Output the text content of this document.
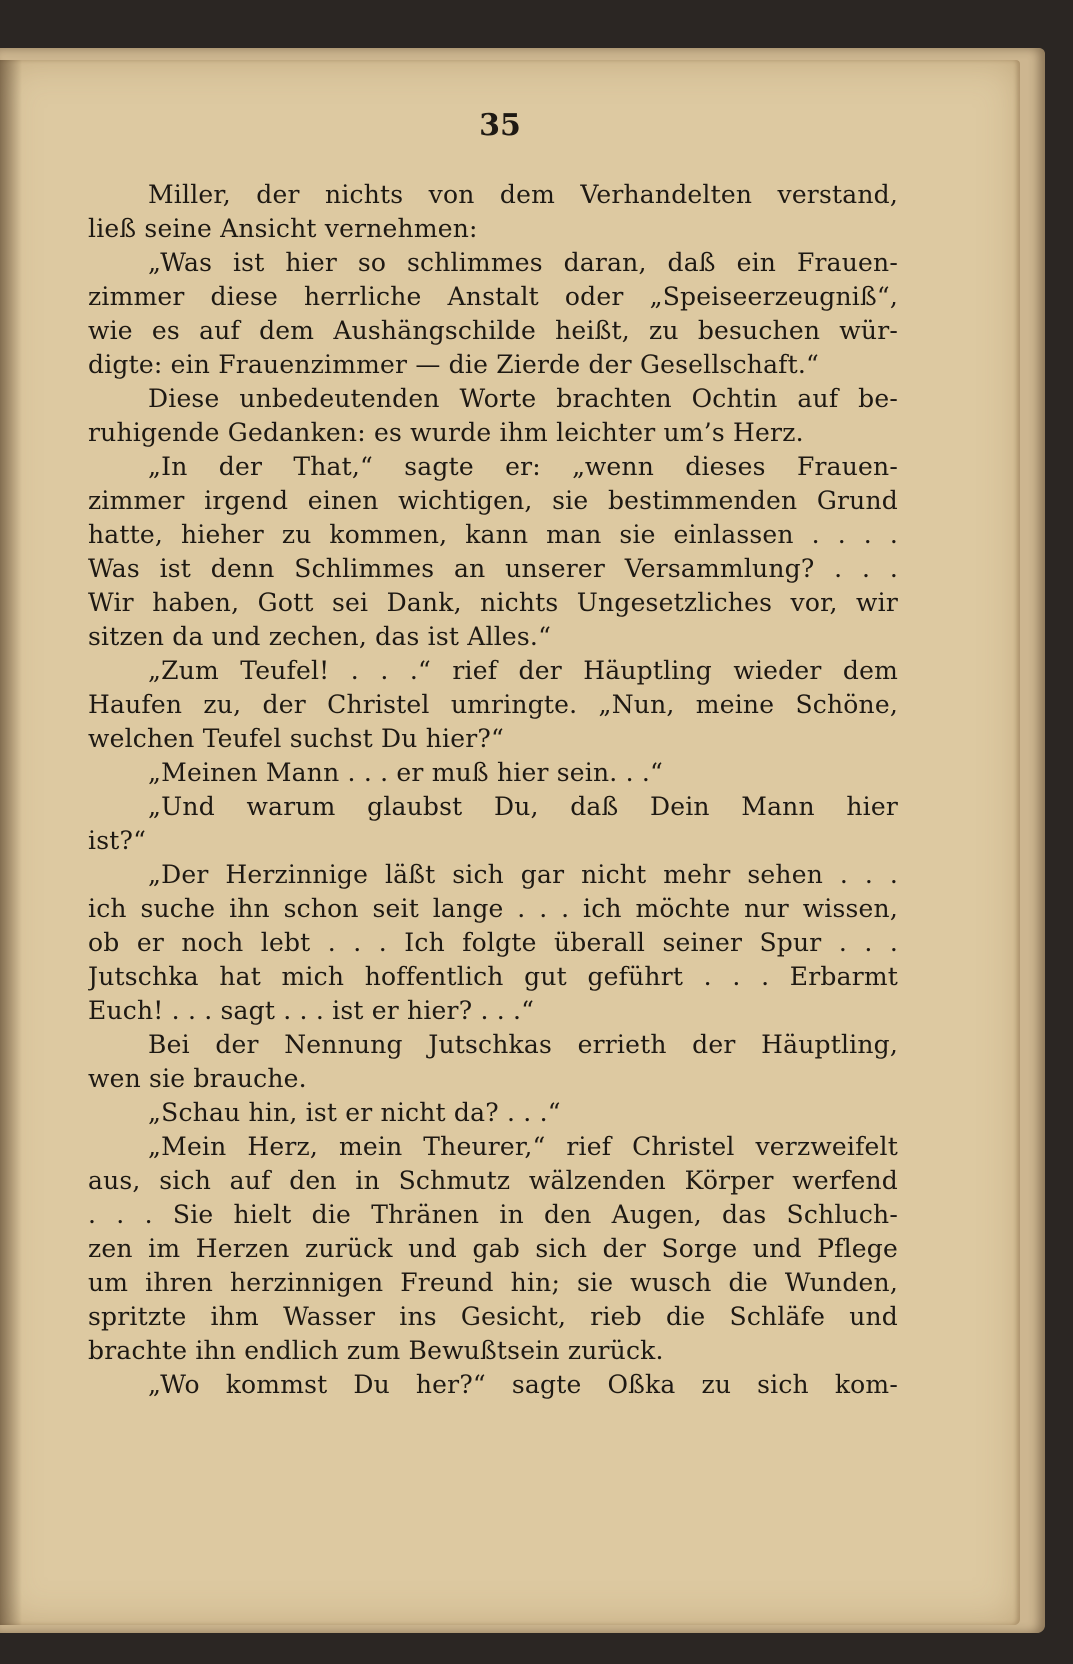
35
Miller, der nichts von dem Verhandelten verstand,
ließ seine Ansicht vernehmen:
„Was ist hier so schlimmes daran, daß ein Frauen-
zimmer diese herrliche Anstalt oder „Speiseerzeugniß“,
wie es auf dem Aushängschilde heißt, zu besuchen wür-
digte: ein Frauenzimmer — die Zierde der Gesellschaft.“
Diese unbedeutenden Worte brachten Ochtin auf be-
ruhigende Gedanken: es wurde ihm leichter um’s Herz.
„In der That,“ sagte er: „wenn dieses Frauen-
zimmer irgend einen wichtigen, sie bestimmenden Grund
hatte, hieher zu kommen, kann man sie einlassen . . . .
Was ist denn Schlimmes an unserer Versammlung? . . .
Wir haben, Gott sei Dank, nichts Ungesetzliches vor, wir
sitzen da und zechen, das ist Alles.“
„Zum Teufel! . . .“ rief der Häuptling wieder dem
Haufen zu, der Christel umringte. „Nun, meine Schöne,
welchen Teufel suchst Du hier?“
„Meinen Mann . . . er muß hier sein. . .“
„Und warum glaubst Du, daß Dein Mann hier
ist?“
„Der Herzinnige läßt sich gar nicht mehr sehen . . .
ich suche ihn schon seit lange . . . ich möchte nur wissen,
ob er noch lebt . . . Ich folgte überall seiner Spur . . .
Jutschka hat mich hoffentlich gut geführt . . . Erbarmt
Euch! . . . sagt . . . ist er hier? . . .“
Bei der Nennung Jutschkas errieth der Häuptling,
wen sie brauche.
„Schau hin, ist er nicht da? . . .“
„Mein Herz, mein Theurer,“ rief Christel verzweifelt
aus, sich auf den in Schmutz wälzenden Körper werfend
. . . Sie hielt die Thränen in den Augen, das Schluch-
zen im Herzen zurück und gab sich der Sorge und Pflege
um ihren herzinnigen Freund hin; sie wusch die Wunden,
spritzte ihm Wasser ins Gesicht, rieb die Schläfe und
brachte ihn endlich zum Bewußtsein zurück.
„Wo kommst Du her?“ sagte Oßka zu sich kom-
